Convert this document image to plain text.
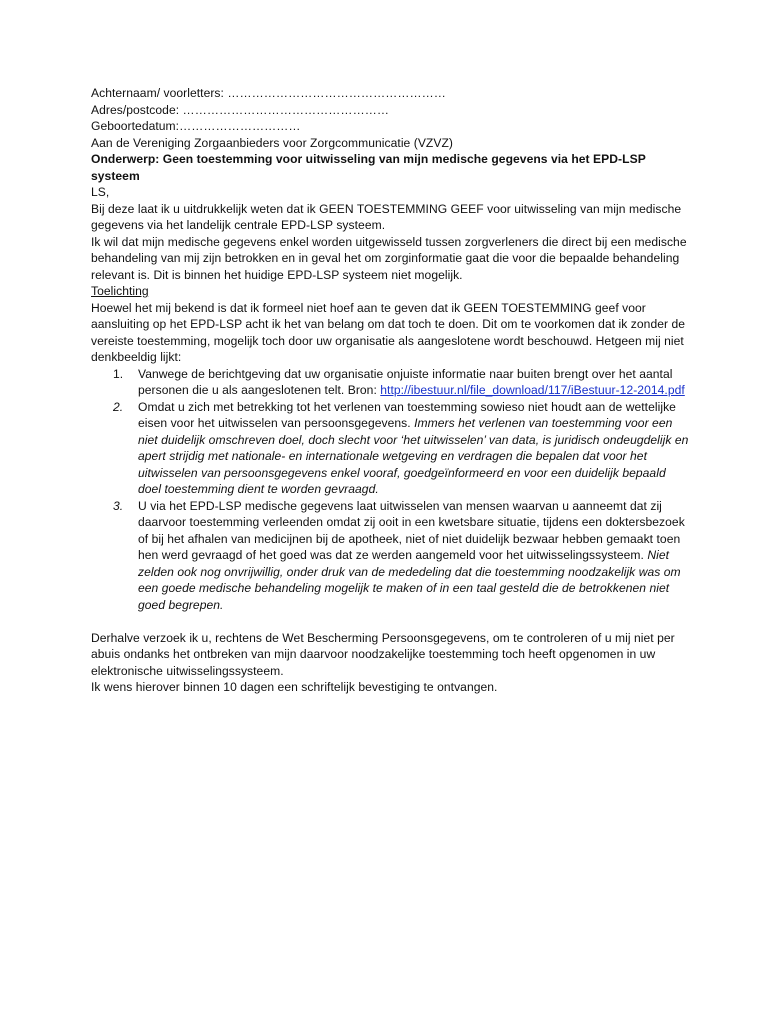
Achternaam/ voorletters: ………………………………………………

Adres/postcode: ……………………………………………

Geboortedatum:…………………………

Aan de Vereniging Zorgaanbieders voor Zorgcommunicatie (VZVZ)

Onderwerp: Geen toestemming voor uitwisseling van mijn medische gegevens via het EPD-LSP systeem

LS,

Bij deze laat ik u uitdrukkelijk weten dat ik GEEN TOESTEMMING GEEF voor uitwisseling van mijn medische gegevens via het landelijk centrale EPD-LSP systeem.

Ik wil dat mijn medische gegevens enkel worden uitgewisseld tussen zorgverleners die direct bij een medische behandeling van mij zijn betrokken en in geval het om zorginformatie gaat die voor die bepaalde behandeling relevant is. Dit is binnen het huidige EPD-LSP systeem niet mogelijk.

Toelichting

Hoewel het mij bekend is dat ik formeel niet hoef aan te geven dat ik GEEN TOESTEMMING geef voor aansluiting op het EPD-LSP acht ik het van belang om dat toch te doen. Dit om te voorkomen dat ik zonder de vereiste toestemming, mogelijk toch door uw organisatie als aangeslotene wordt beschouwd. Hetgeen mij niet denkbeeldig lijkt:

1. Vanwege de berichtgeving dat uw organisatie onjuiste informatie naar buiten brengt over het aantal personen die u als aangeslotenen telt. Bron: http://ibestuur.nl/file_download/117/iBestuur-12-2014.pdf
2. Omdat u zich met betrekking tot het verlenen van toestemming sowieso niet houdt aan de wettelijke eisen voor het uitwisselen van persoonsgegevens. Immers het verlenen van toestemming voor een niet duidelijk omschreven doel, doch slecht voor ‘het uitwisselen’ van data, is juridisch ondeugdelijk en apert strijdig met nationale- en internationale wetgeving en verdragen die bepalen dat voor het uitwisselen van persoonsgegevens enkel vooraf, goedgeïnformeerd en voor een duidelijk bepaald doel toestemming dient te worden gevraagd.
3. U via het EPD-LSP medische gegevens laat uitwisselen van mensen waarvan u aanneemt dat zij daarvoor toestemming verleenden omdat zij ooit in een kwetsbare situatie, tijdens een doktersbezoek of bij het afhalen van medicijnen bij de apotheek, niet of niet duidelijk bezwaar hebben gemaakt toen hen werd gevraagd of het goed was dat ze werden aangemeld voor het uitwisselingssysteem. Niet zelden ook nog onvrijwillig, onder druk van de mededeling dat die toestemming noodzakelijk was om een goede medische behandeling mogelijk te maken of in een taal gesteld die de betrokkenen niet goed begrepen.

Derhalve verzoek ik u, rechtens de Wet Bescherming Persoonsgegevens, om te controleren of u mij niet per abuis ondanks het ontbreken van mijn daarvoor noodzakelijke toestemming toch heeft opgenomen in uw elektronische uitwisselingssysteem.

Ik wens hierover binnen 10 dagen een schriftelijk bevestiging te ontvangen.
